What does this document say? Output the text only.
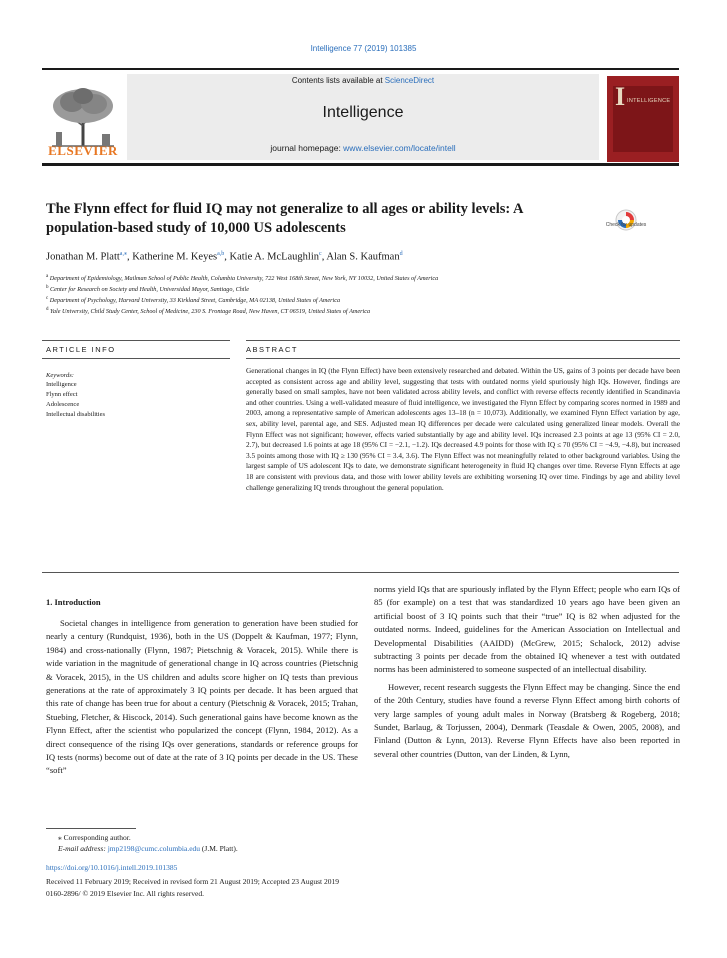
Intelligence 77 (2019) 101385
ELSEVIER
Contents lists available at ScienceDirect
Intelligence
journal homepage: www.elsevier.com/locate/intell
I INTELLIGENCE
The Flynn effect for fluid IQ may not generalize to all ages or ability levels: A population-based study of 10,000 US adolescents	Check for updates
Jonathan M. Platt$^{a,⁎}$, Katherine M. Keyes$^{a,b}$, Katie A. McLaughlin$^c$, Alan S. Kaufman$^d$
$^a$ Department of Epidemiology, Mailman School of Public Health, Columbia University, 722 West 168th Street, New York, NY 10032, United States of America
$^b$ Center for Research on Society and Health, Universidad Mayor, Santiago, Chile
$^c$ Department of Psychology, Harvard University, 33 Kirkland Street, Cambridge, MA 02138, United States of America
$^d$ Yale University, Child Study Center, School of Medicine, 230 S. Frontage Road, New Haven, CT 06519, United States of America
ARTICLE INFO	ABSTRACT
Keywords:
Intelligence
Flynn effect
Adolescence
Intellectual disabilities
Generational changes in IQ (the Flynn Effect) have been extensively researched and debated. Within the US, gains of 3 points per decade have been accepted as consistent across age and ability level, suggesting that tests with outdated norms yield spuriously high IQs. However, findings are generally based on small samples, have not been validated across ability levels, and conflict with reverse effects recently identified in Scandinavia and other countries. Using a well-validated measure of fluid intelligence, we investigated the Flynn Effect by comparing scores normed in 1989 and 2003, among a representative sample of American adolescents ages 13–18 (n = 10,073). Additionally, we examined Flynn Effect variation by age, sex, ability level, parental age, and SES. Adjusted mean IQ differences per decade were calculated using generalized linear models. Overall the Flynn Effect was not significant; however, effects varied substantially by age and ability level. IQs increased 2.3 points at age 13 (95% CI = 2.0, 2.7), but decreased 1.6 points at age 18 (95% CI = −2.1, −1.2). IQs decreased 4.9 points for those with IQ ≤ 70 (95% CI = −4.9, −4.8), but increased 3.5 points among those with IQ ≥ 130 (95% CI = 3.4, 3.6). The Flynn Effect was not meaningfully related to other background variables. Using the largest sample of US adolescent IQs to date, we demonstrate significant heterogeneity in fluid IQ changes over time. Reverse Flynn Effects at age 18 are consistent with previous data, and those with lower ability levels are exhibiting worsening IQ over time. Findings by age and ability level challenge generalizing IQ trends throughout the general population.
1. Introduction
Societal changes in intelligence from generation to generation have been studied for nearly a century (Rundquist, 1936), both in the US (Doppelt & Kaufman, 1977; Flynn, 1984) and cross-nationally (Flynn, 1987; Pietschnig & Voracek, 2015). While there is wide variation in the magnitude of generational change in IQ across countries (Pietschnig & Voracek, 2015), in the US children and adults score higher on IQ tests than previous generations at the rate of approximately 3 IQ points per decade. It has been argued that this rate of change has been true for about a century (Pietschnig & Voracek, 2015; Trahan, Stuebing, Fletcher, & Hiscock, 2014). Such generational gains have become known as the Flynn Effect, after the scientist who popularized the concept (Flynn, 1984, 2012). As a direct consequence of the rising IQs over generations, standards or reference groups for IQ tests (norms) become out of date at the rate of 3 IQ points per decade in the US. These “soft”
norms yield IQs that are spuriously inflated by the Flynn Effect; people who earn IQs of 85 (for example) on a test that was standardized 10 years ago have been given an artificial boost of 3 IQ points such that their “true” IQ is 82 when adjusted for the outdated norms. Indeed, guidelines for the American Association on Intellectual and Developmental Disabilities (AAIDD) (McGrew, 2015; Schalock, 2012) advise subtracting 3 points per decade from the obtained IQ whenever a test with outdated norms has been administered to someone suspected of an intellectual disability.
However, recent research suggests the Flynn Effect may be changing. Since the end of the 20th Century, studies have found a reverse Flynn Effect among birth cohorts of very large samples of young adult males in Norway (Bratsberg & Rogeberg, 2018; Sundet, Barlaug, & Torjussen, 2004), Denmark (Teasdale & Owen, 2005, 2008), and Finland (Dutton & Lynn, 2013). Reverse Flynn Effects have also been reported in several other countries (Dutton, van der Linden, & Lynn,
⁎ Corresponding author.
E-mail address: jmp2198@cumc.columbia.edu (J.M. Platt).
https://doi.org/10.1016/j.intell.2019.101385
Received 11 February 2019; Received in revised form 21 August 2019; Accepted 23 August 2019
0160-2896/ © 2019 Elsevier Inc. All rights reserved.
